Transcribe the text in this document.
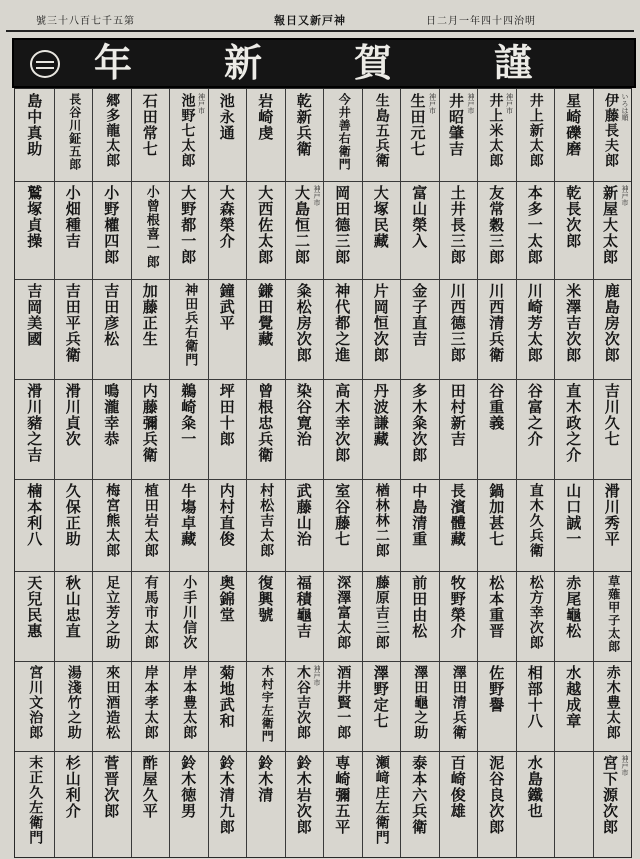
號三十八百七千五第	報日又新戸神	日二月一年四十四治明
謹
賀
新
年
いろは順
伊藤長夫郎
神戸市
新屋大太郎
鹿島房次郎
吉川久七
滑川秀平
草薙甲子太郎
赤木豊太郎
神戸市
宮下源次郎
星崎礫磨
乾長次郎
米澤吉次郎
直木政之介
山口誠一
赤尾龜松
水越成章
井上新太郎
本多一太郎
川崎芳太郎
谷富之介
直木久兵衛
松方幸次郎
相部十八
水島鐵也
神戸市
井上米太郎
友常穀三郎
川西清兵衛
谷重義
鍋加甚七
松本重晋
佐野譽
泥谷良次郎
神戸市
井昭肇吉
土井長三郎
川西德三郎
田村新吉
長濱體藏
牧野榮介
澤田清兵衛
百崎俊雄
神戸市
生田元七
富山榮入
金子直吉
多木粂次郎
中島清重
前田由松
澤田龜之助
泰本六兵衛
生島五兵衛
大塚民藏
片岡恒次郎
丹波謙藏
楢林林二郎
藤原吉三郎
澤野定七
瀬﨑庄左衛門
今井善右衛門
岡田德三郎
神代都之進
高木幸次郎
室谷藤七
深澤富太郎
酒井賢一郎
専崎彌五平
乾新兵衛
神戸市
大島恒二郎
粂松房次郎
染谷寛治
武藤山治
福積龜吉
神戸市
木谷吉次郎
鈴木岩次郎
岩崎虔
大西佐太郎
鎌田覺藏
曾根忠兵衛
村松吉太郎
復興號
木村宇左衛門
鈴木清
池永通
大森榮介
鐘武平
坪田十郎
内村直俊
奥錦堂
菊地武和
鈴木清九郎
神戸市
池野七太郎
大野都一郎
神田兵右衛門
鵜崎粂一
牛塲卓藏
小手川信次
岸本豊太郎
鈴木徳男
石田常七
小曾根喜一郎
加藤正生
内藤彌兵衛
植田岩太郎
有馬市太郎
岸本孝太郎
酢屋久平
郷多龍太郎
小野權四郎
吉田彦松
鳴瀧幸恭
梅宮熊太郎
足立芳之助
來田酒造松
菅晋次郎
長谷川鉦五郎
小畑種吉
吉田平兵衛
滑川貞次
久保正助
秋山忠直
湯淺竹之助
杉山利介
島中真助
鷲塚貞操
吉岡美國
滑川豬之吉
楠本利八
天兒民惠
宮川文治郎
末正久左衛門
